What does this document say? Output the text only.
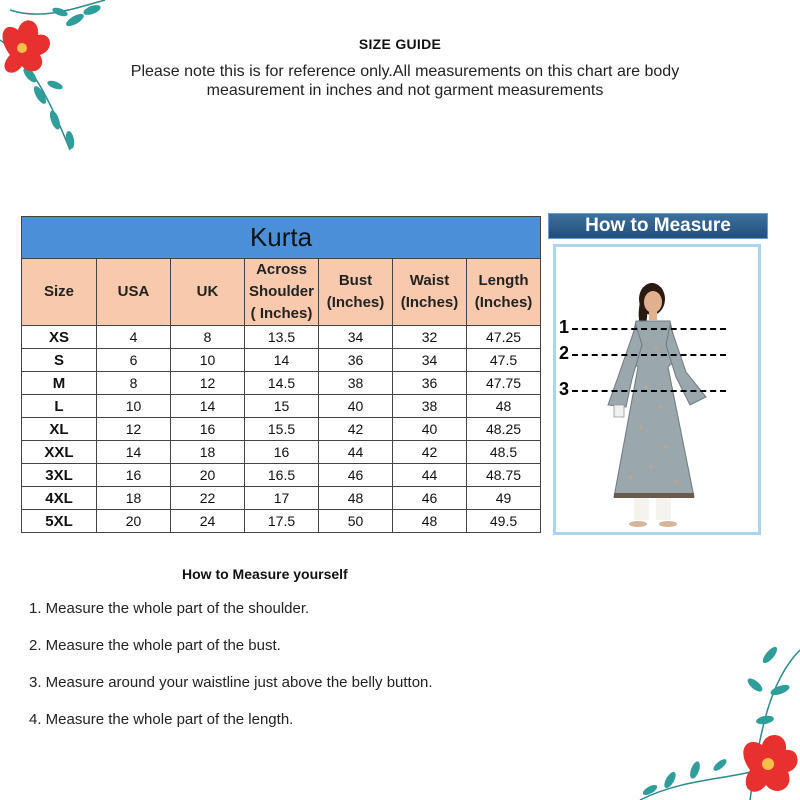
SIZE GUIDE
Please note this is for reference only.All measurements on this chart are body measurement in inches and not garment measurements
Kurta						
Size	USA	UK	Across Shoulder ( Inches)	Bust (Inches)	Waist (Inches)	Length (Inches)
XS	4	8	13.5	34	32	47.25
S	6	10	14	36	34	47.5
M	8	12	14.5	38	36	47.75
L	10	14	15	40	38	48
XL	12	16	15.5	42	40	48.25
XXL	14	18	16	44	42	48.5
3XL	16	20	16.5	46	44	48.75
4XL	18	22	17	48	46	49
5XL	20	24	17.5	50	48	49.5
How to Measure
1
2
3
How to Measure yourself
1. Measure the whole part of the shoulder.
2. Measure the whole part of the bust.
3. Measure around your waistline just above the belly button.
4. Measure the whole part of the length.
